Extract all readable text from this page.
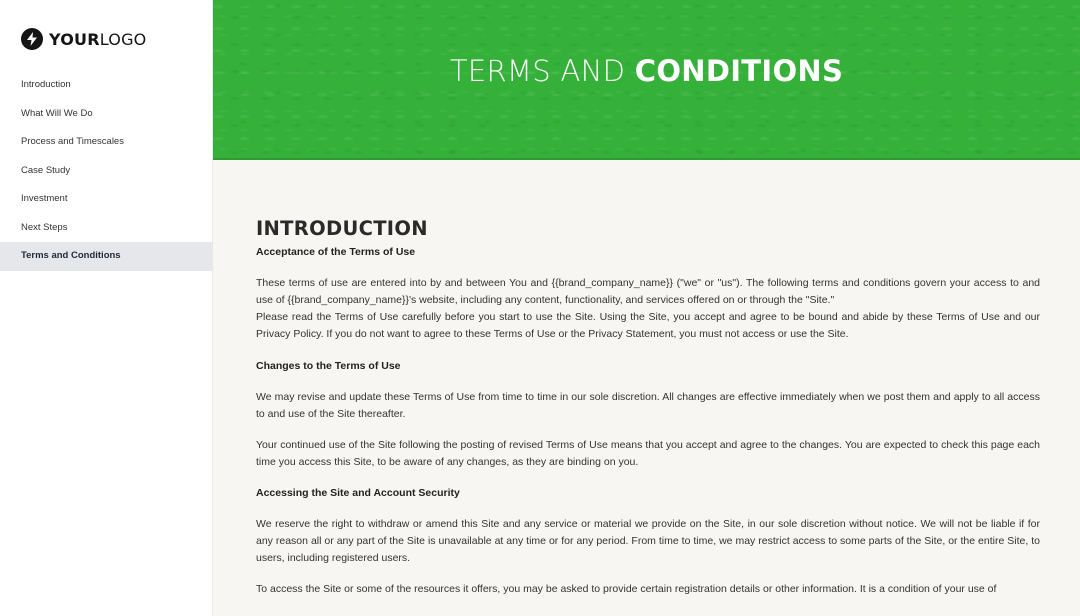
YOURLOGO
Introduction
What Will We Do
Process and Timescales
Case Study
Investment
Next Steps
Terms and Conditions
TERMS AND CONDITIONS
INTRODUCTION
Acceptance of the Terms of Use

These terms of use are entered into by and between You and {{brand_company_name}} ("we" or "us"). The following terms and conditions govern your access to and use of {{brand_company_name}}'s website, including any content, functionality, and services offered on or through the "Site."

Please read the Terms of Use carefully before you start to use the Site. Using the Site, you accept and agree to be bound and abide by these Terms of Use and our Privacy Policy. If you do not want to agree to these Terms of Use or the Privacy Statement, you must not access or use the Site.

Changes to the Terms of Use

We may revise and update these Terms of Use from time to time in our sole discretion. All changes are effective immediately when we post them and apply to all access to and use of the Site thereafter.

Your continued use of the Site following the posting of revised Terms of Use means that you accept and agree to the changes. You are expected to check this page each time you access this Site, to be aware of any changes, as they are binding on you.

Accessing the Site and Account Security

We reserve the right to withdraw or amend this Site and any service or material we provide on the Site, in our sole discretion without notice. We will not be liable if for any reason all or any part of the Site is unavailable at any time or for any period. From time to time, we may restrict access to some parts of the Site, or the entire Site, to users, including registered users.

To access the Site or some of the resources it offers, you may be asked to provide certain registration details or other information. It is a condition of your use of
